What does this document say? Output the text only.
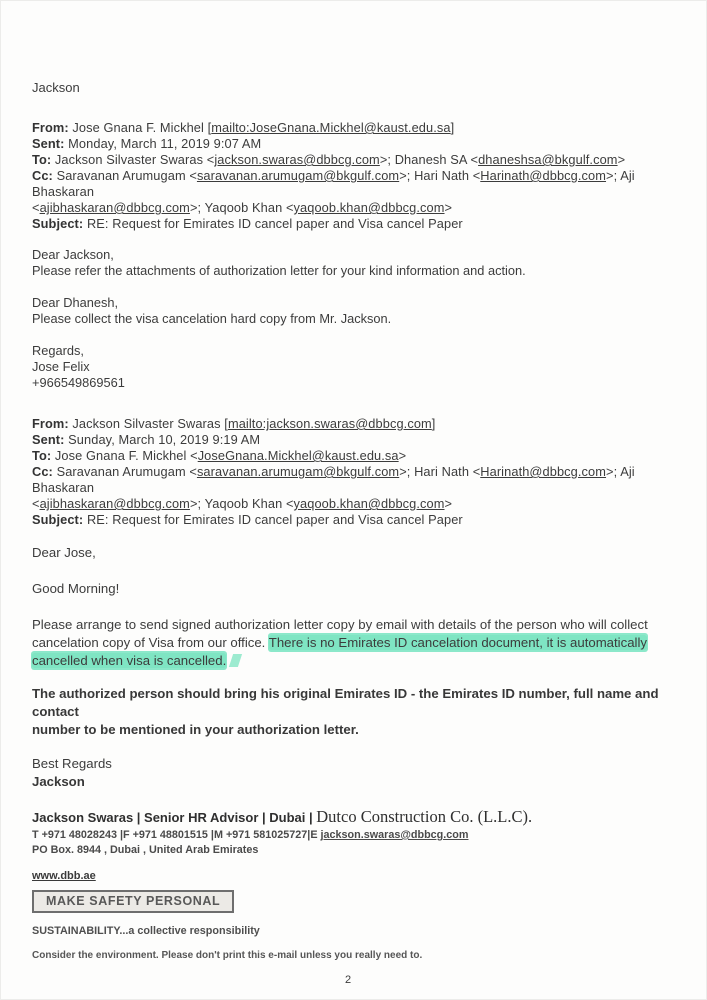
Jackson

From: Jose Gnana F. Mickhel [mailto:JoseGnana.Mickhel@kaust.edu.sa]

Sent: Monday, March 11, 2019 9:07 AM

To: Jackson Silvaster Swaras <jackson.swaras@dbbcg.com>; Dhanesh SA <dhaneshsa@bkgulf.com>

Cc: Saravanan Arumugam <saravanan.arumugam@bkgulf.com>; Hari Nath <Harinath@dbbcg.com>; Aji Bhaskaran
<ajibhaskaran@dbbcg.com>; Yaqoob Khan <yaqoob.khan@dbbcg.com>

Subject: RE: Request for Emirates ID cancel paper and Visa cancel Paper

Dear Jackson,

Please refer the attachments of authorization letter for your kind information and action.

Dear Dhanesh,

Please collect the visa cancelation hard copy from Mr. Jackson.

Regards,

Jose Felix

+966549869561

From: Jackson Silvaster Swaras [mailto:jackson.swaras@dbbcg.com]

Sent: Sunday, March 10, 2019 9:19 AM

To: Jose Gnana F. Mickhel <JoseGnana.Mickhel@kaust.edu.sa>

Cc: Saravanan Arumugam <saravanan.arumugam@bkgulf.com>; Hari Nath <Harinath@dbbcg.com>; Aji Bhaskaran
<ajibhaskaran@dbbcg.com>; Yaqoob Khan <yaqoob.khan@dbbcg.com>

Subject: RE: Request for Emirates ID cancel paper and Visa cancel Paper

Dear Jose,

Good Morning!

Please arrange to send signed authorization letter copy by email with details of the person who will collect
cancelation copy of Visa from our office. There is no Emirates ID cancelation document, it is automatically
cancelled when visa is cancelled.

The authorized person should bring his original Emirates ID - the Emirates ID number, full name and contact
number to be mentioned in your authorization letter.

Best Regards

Jackson

Jackson Swaras | Senior HR Advisor | Dubai | Dutco Construction Co. (L.L.C).

T +971 48028243 |F +971 48801515 |M +971 581025727|E jackson.swaras@dbbcg.com

PO Box. 8944 , Dubai , United Arab Emirates

www.dbb.ae
MAKE SAFETY PERSONAL

SUSTAINABILITY...a collective responsibility

Consider the environment. Please don't print this e-mail unless you really need to.

2
